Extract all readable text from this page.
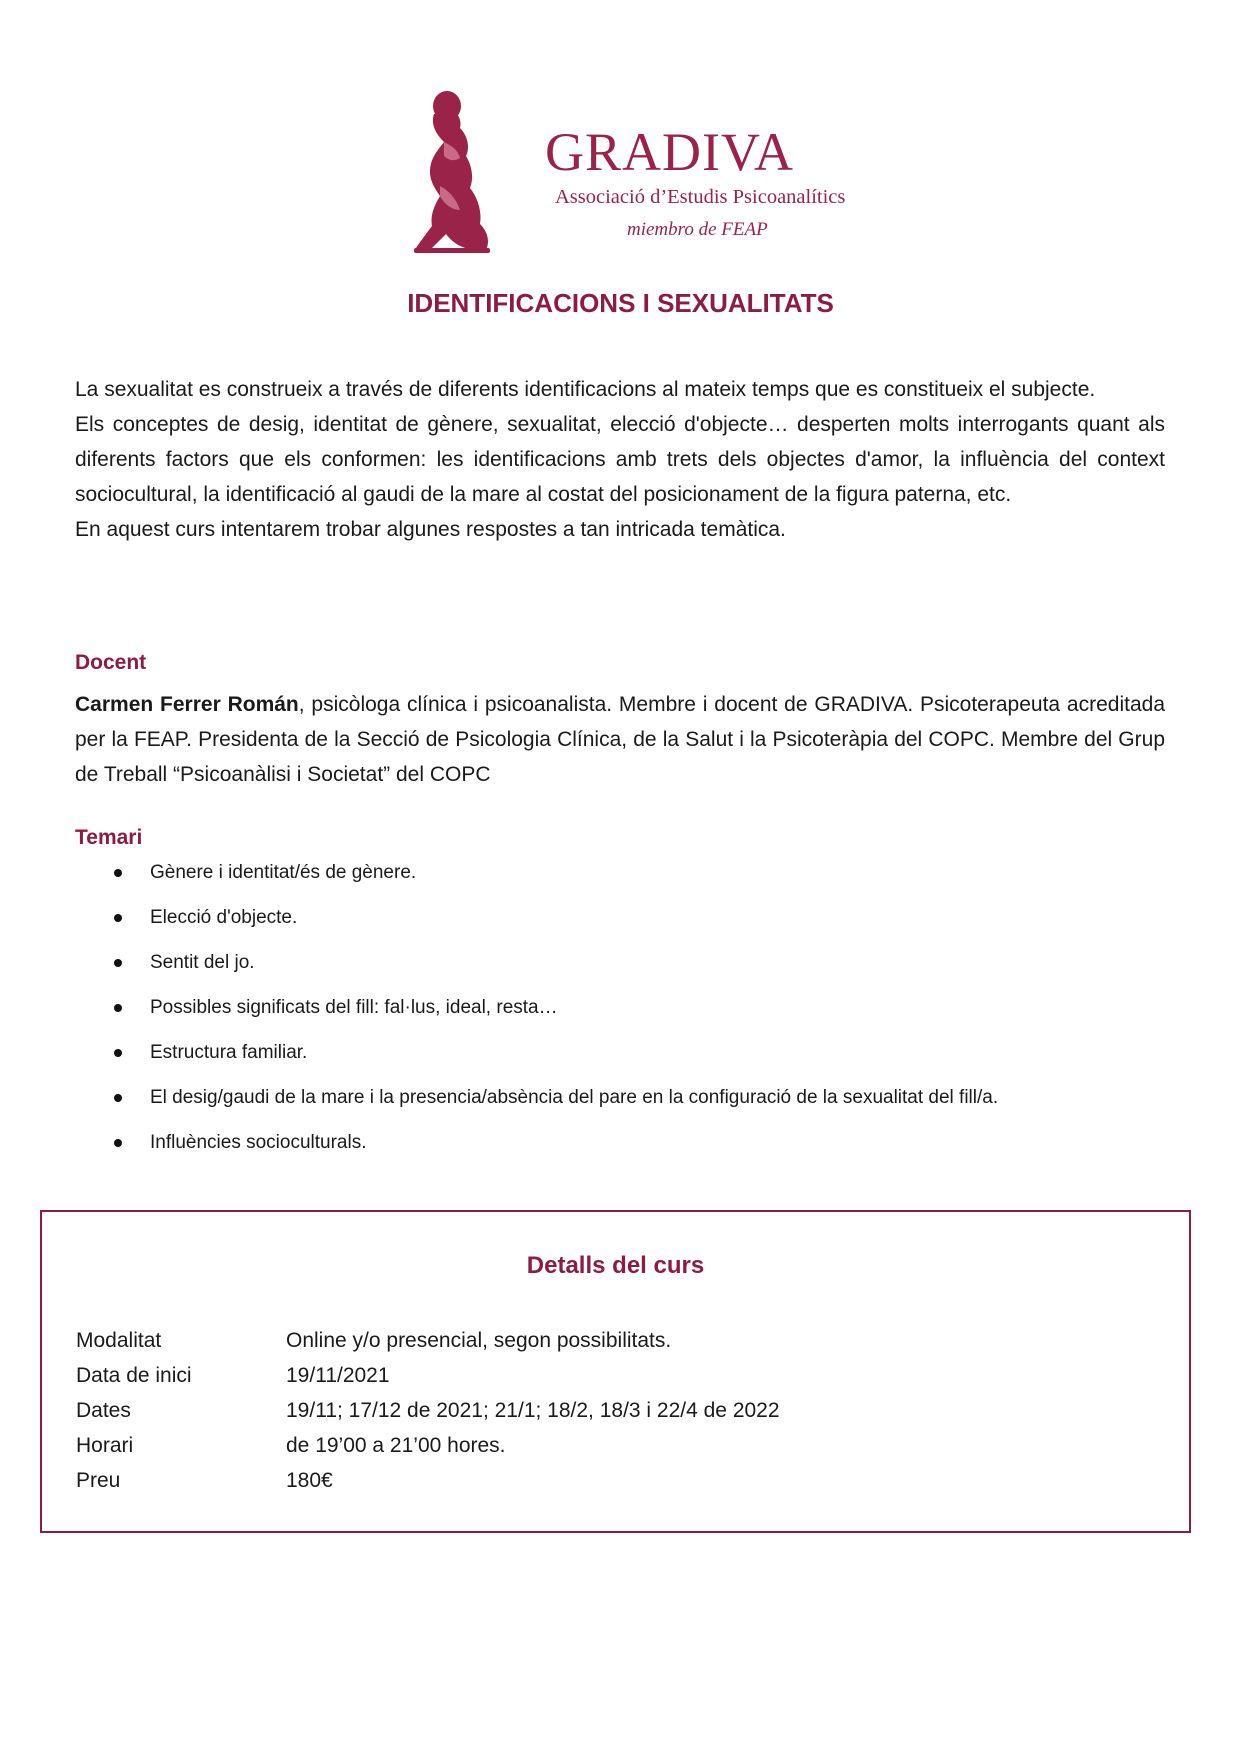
GRADIVA
Associació d’Estudis Psicoanalítics
miembro de FEAP
IDENTIFICACIONS I SEXUALITATS

La sexualitat es construeix a través de diferents identificacions al mateix temps que es constitueix el subjecte.

Els conceptes de desig, identitat de gènere, sexualitat, elecció d'objecte… desperten molts interrogants quant als diferents factors que els conformen: les identificacions amb trets dels objectes d'amor, la influència del context sociocultural, la identificació al gaudi de la mare al costat del posicionament de la figura paterna, etc.

En aquest curs intentarem trobar algunes respostes a tan intricada temàtica.

Docent
Carmen Ferrer Román, psicòloga clínica i psicoanalista. Membre i docent de GRADIVA. Psicoterapeuta acreditada per la FEAP. Presidenta de la Secció de Psicologia Clínica, de la Salut i la Psicoteràpia del COPC. Membre del Grup de Treball “Psicoanàlisi i Societat” del COPC
Temari
Gènere i identitat/és de gènere.
Elecció d'objecte.
Sentit del jo.
Possibles significats del fill: fal·lus, ideal, resta…
Estructura familiar.
El desig/gaudi de la mare i la presencia/absència del pare en la configuració de la sexualitat del fill/a.
Influències socioculturals.
Detalls del curs
Modalitat	Online y/o presencial, segon possibilitats.
Data de inici	19/11/2021
Dates	19/11; 17/12 de 2021; 21/1; 18/2, 18/3 i 22/4 de 2022
Horari	de 19’00 a 21’00 hores.
Preu	180€
